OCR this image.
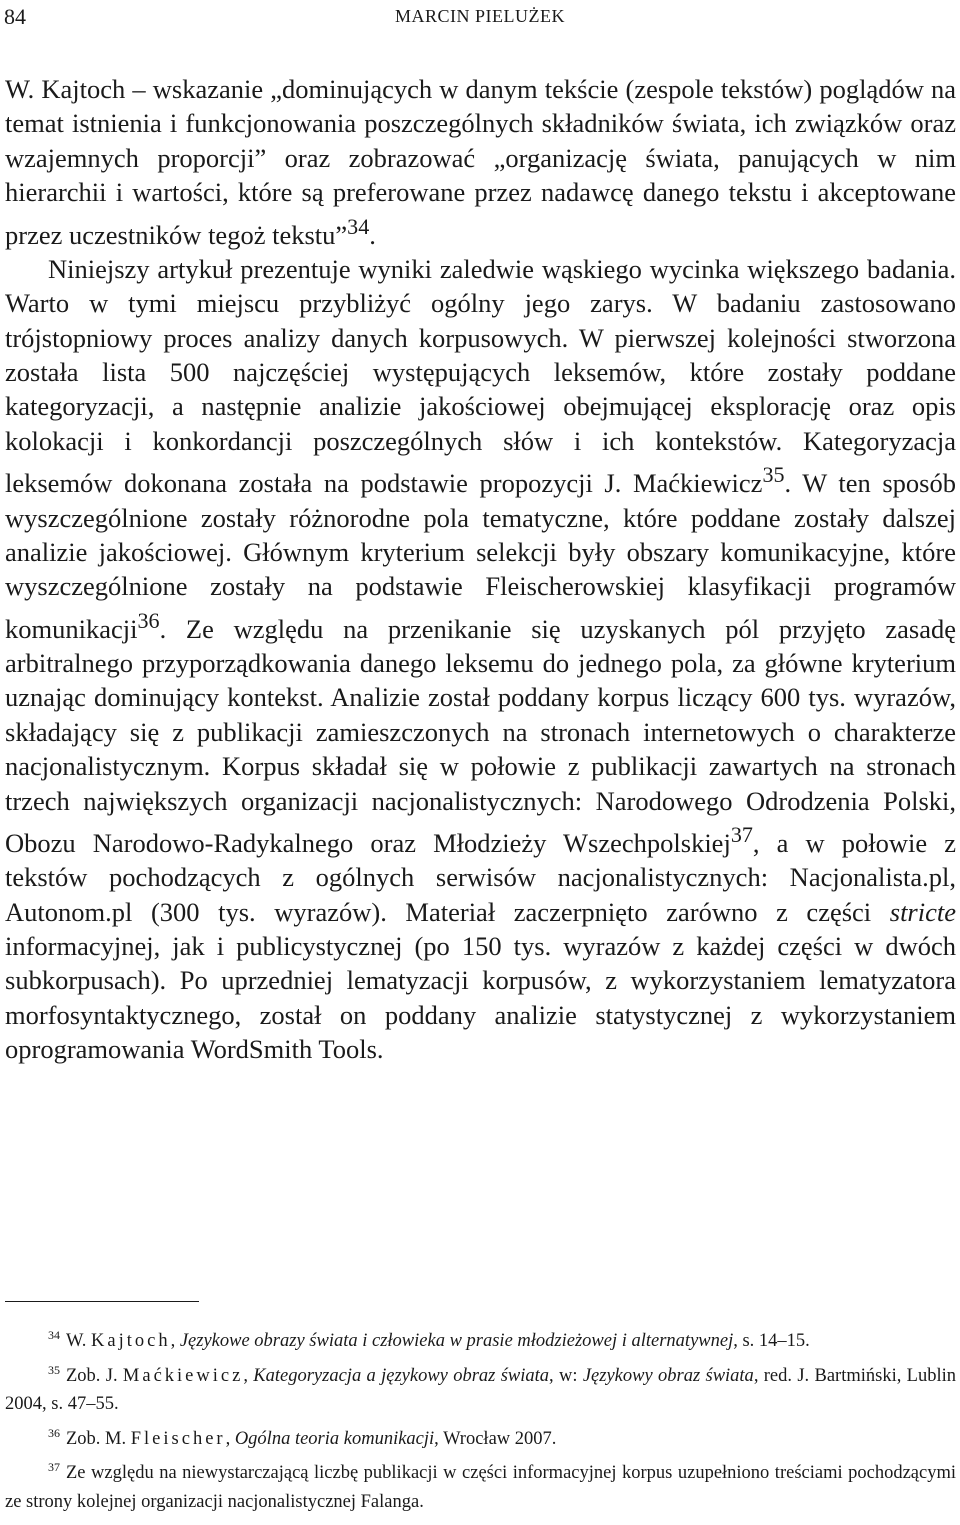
84	MARCIN PIELUŻEK

W. Kajtoch – wskazanie „dominujących w danym tekście (zespole tekstów) poglądów na temat istnienia i funkcjonowania poszczególnych składników świata, ich związków oraz wzajemnych proporcji” oraz zobrazować „organizację świata, panujących w nim hierarchii i wartości, które są preferowane przez nadawcę danego tekstu i akceptowane przez uczestników tegoż tekstu”$^{34}$.

Niniejszy artykuł prezentuje wyniki zaledwie wąskiego wycinka większego badania. Warto w tymi miejscu przybliżyć ogólny jego zarys. W badaniu zastosowano trójstopniowy proces analizy danych korpusowych. W pierwszej kolejności stworzona została lista 500 najczęściej występujących leksemów, które zostały poddane kategoryzacji, a następnie analizie jakościowej obejmującej eksplorację oraz opis kolokacji i konkordancji poszczególnych słów i ich kontekstów. Kategoryzacja leksemów dokonana została na podstawie propozycji J. Maćkiewicz$^{35}$. W ten sposób wyszczególnione zostały różnorodne pola tematyczne, które poddane zostały dalszej analizie jakościowej. Głównym kryterium selekcji były obszary komunikacyjne, które wyszczególnione zostały na podstawie Fleischerowskiej klasyfikacji programów komunikacji$^{36}$. Ze względu na przenikanie się uzyskanych pól przyjęto zasadę arbitralnego przyporządkowania danego leksemu do jednego pola, za główne kryterium uznając dominujący kontekst. Analizie został poddany korpus liczący 600 tys. wyrazów, składający się z publikacji zamieszczonych na stronach internetowych o charakterze nacjonalistycznym. Korpus składał się w połowie z publikacji zawartych na stronach trzech największych organizacji nacjonalistycznych: Narodowego Odrodzenia Polski, Obozu Narodowo-Radykalnego oraz Młodzieży Wszechpolskiej$^{37}$, a w połowie z tekstów pochodzących z ogólnych serwisów nacjonalistycznych: Nacjonalista.pl, Autonom.pl (300 tys. wyrazów). Materiał zaczerpnięto zarówno z części stricte informacyjnej, jak i publicystycznej (po 150 tys. wyrazów z każdej części w dwóch subkorpusach). Po uprzedniej lematyzacji korpusów, z wykorzystaniem lematyzatora morfosyntaktycznego, został on poddany analizie statystycznej z wykorzystaniem oprogramowania WordSmith Tools.

$^{34}$ W. Kajtoch, Językowe obrazy świata i człowieka w prasie młodzieżowej i alternatywnej, s. 14–15.

$^{35}$ Zob. J. Maćkiewicz, Kategoryzacja a językowy obraz świata, w: Językowy obraz świata, red. J. Bartmiński, Lublin 2004, s. 47–55.

$^{36}$ Zob. M. Fleischer, Ogólna teoria komunikacji, Wrocław 2007.

$^{37}$ Ze względu na niewystarczającą liczbę publikacji w części informacyjnej korpus uzupełniono treściami pochodzącymi ze strony kolejnej organizacji nacjonalistycznej Falanga.
